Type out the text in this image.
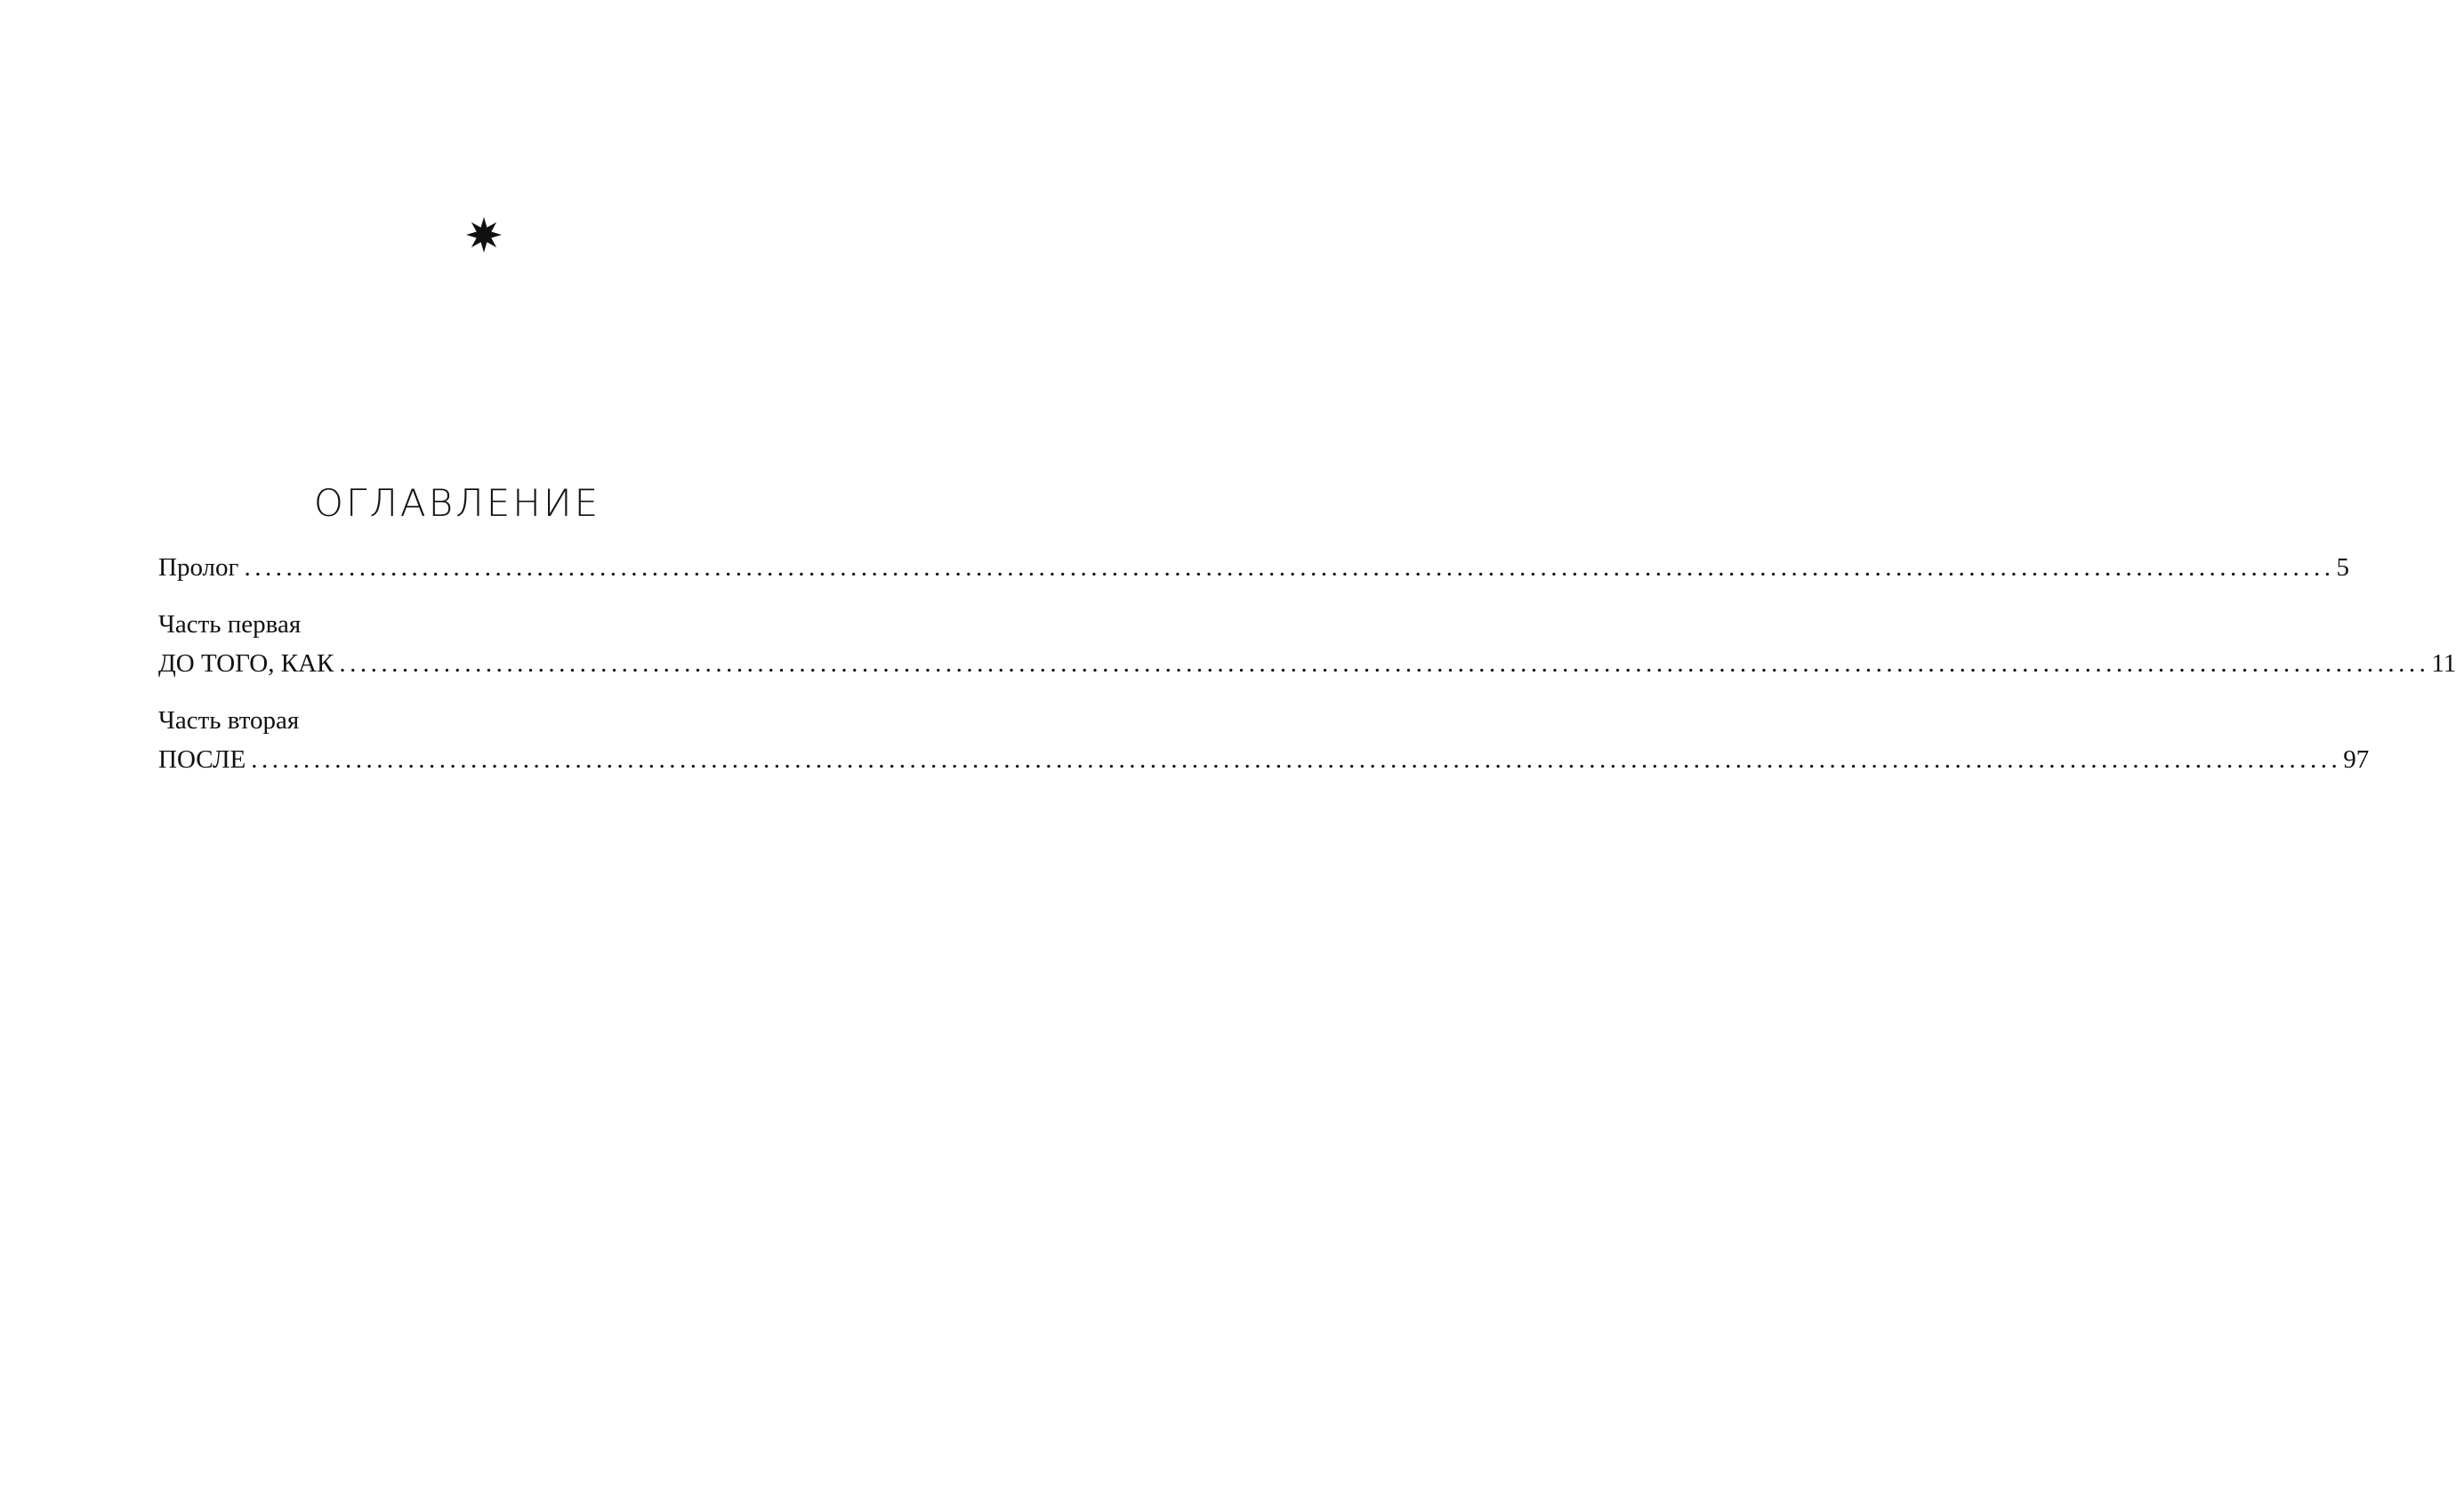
ОГЛАВЛЕНИЕ
Пролог ........................................................................................................................................................................................................ 5
Часть первая
ДО ТОГО, КАК ........................................................................................................................................................................................................ 11
Часть вторая
ПОСЛЕ ........................................................................................................................................................................................................ 97
